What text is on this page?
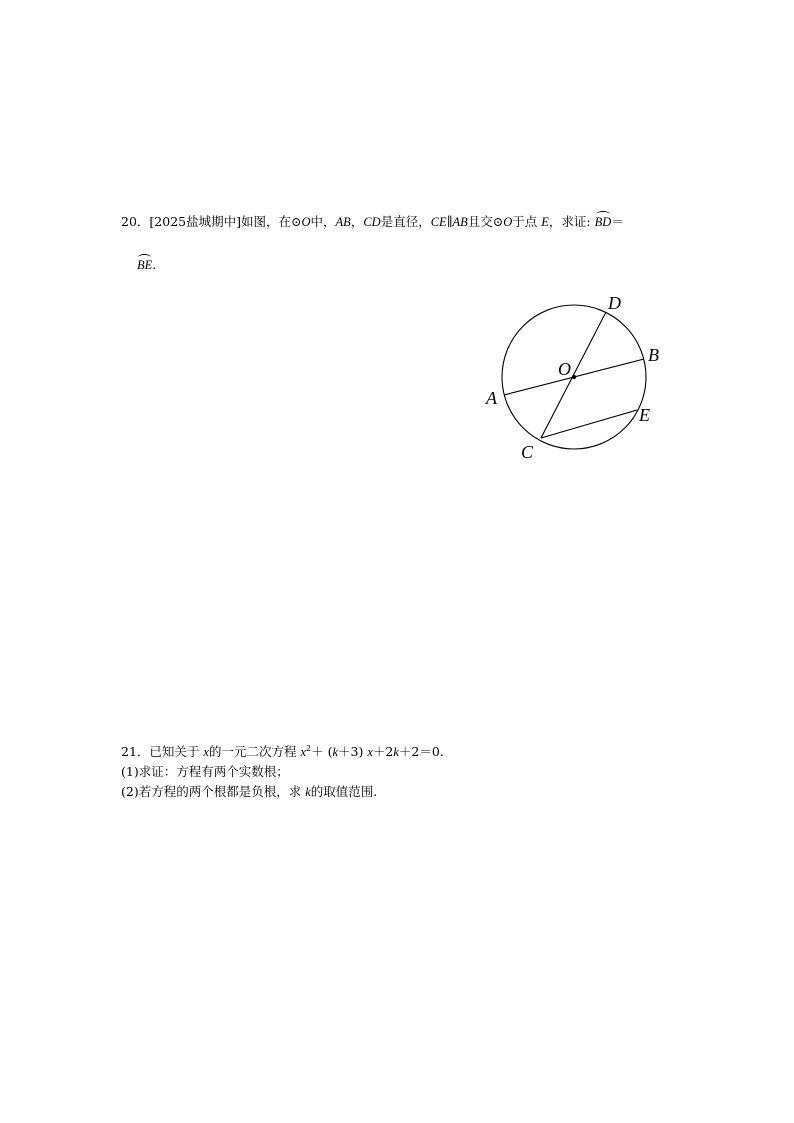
20．[2025盐城期中]如图，在⊙O中，AB，CD是直径，CE∥AB且交⊙O于点 E，求证: BD＝
BE.
D
B
O
A
E
C
21．已知关于 x的一元二次方程 $x^2+ (k+3)$ x＋2k＋2＝0.
(1)求证：方程有两个实数根；
(2)若方程的两个根都是负根，求 k的取值范围.
